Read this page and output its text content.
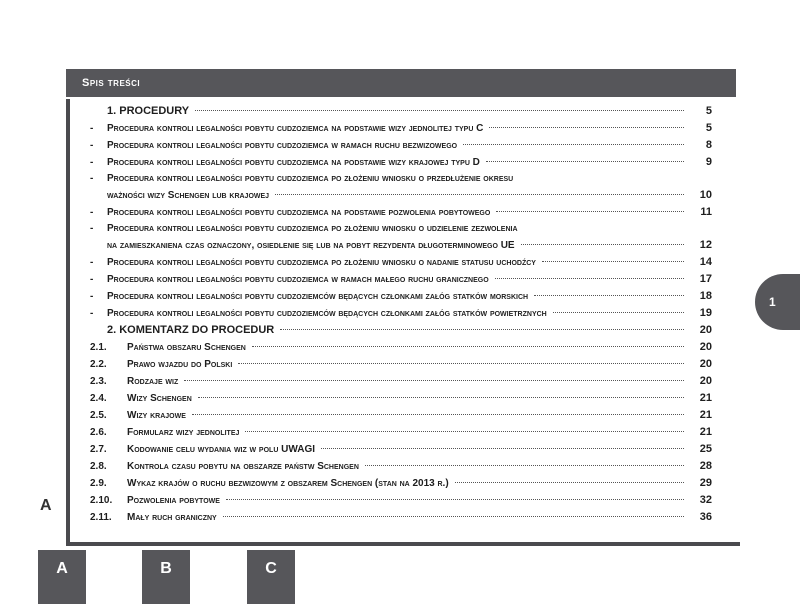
Spis treści
1. PROCEDURY	5
-	Procedura kontroli legalności pobytu cudzoziemca na podstawie wizy jednolitej typu C	5
-	Procedura kontroli legalności pobytu cudzoziemca w ramach ruchu bezwizowego	8
-	Procedura kontroli legalności pobytu cudzoziemca na podstawie wizy krajowej typu D	9
-	Procedura kontroli legalności pobytu cudzoziemca po złożeniu wniosku o przedłużenie okresu
ważności wizy Schengen lub krajowej	10
-	Procedura kontroli legalności pobytu cudzoziemca na podstawie pozwolenia pobytowego	11
-	Procedura kontroli legalności pobytu cudzoziemca po złożeniu wniosku o udzielenie zezwolenia
na zamieszkaniena czas oznaczony, osiedlenie się lub na pobyt rezydenta długoterminowego UE	12
-	Procedura kontroli legalności pobytu cudzoziemca po złożeniu wniosku o nadanie statusu uchodźcy	14
-	Procedura kontroli legalności pobytu cudzoziemca w ramach małego ruchu granicznego	17
-	Procedura kontroli legalności pobytu cudzoziemców będących członkami załóg statków morskich	18
-	Procedura kontroli legalności pobytu cudzoziemców będących członkami załóg statków powietrznych	19
2. KOMENTARZ DO PROCEDUR	20
2.1.	Państwa obszaru Schengen	20
2.2.	Prawo wjazdu do Polski	20
2.3.	Rodzaje wiz	20
2.4.	Wizy Schengen	21
2.5.	Wizy krajowe	21
2.6.	Formularz wizy jednolitej	21
2.7.	Kodowanie celu wydania wiz w polu UWAGI	25
2.8.	Kontrola czasu pobytu na obszarze państw Schengen	28
2.9.	Wykaz krajów o ruchu bezwizowym z obszarem Schengen (stan na 2013 r.)	29
2.10.	Pozwolenia pobytowe	32
2.11.	Mały ruch graniczny	36
1
A
A	B	C
